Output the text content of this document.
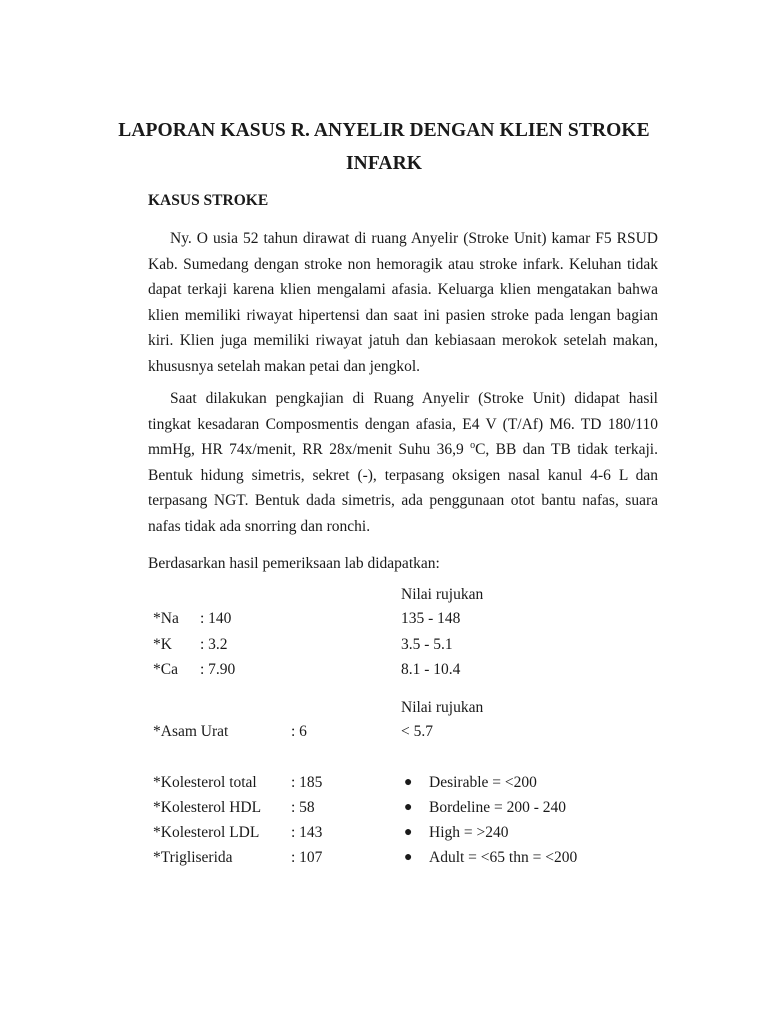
LAPORAN KASUS R. ANYELIR DENGAN KLIEN STROKE INFARK
KASUS STROKE
Ny. O usia 52 tahun dirawat di ruang Anyelir (Stroke Unit) kamar F5 RSUD Kab. Sumedang dengan stroke non hemoragik atau stroke infark. Keluhan tidak dapat terkaji karena klien mengalami afasia. Keluarga klien mengatakan bahwa klien memiliki riwayat hipertensi dan saat ini pasien stroke pada lengan bagian kiri. Klien juga memiliki riwayat jatuh dan kebiasaan merokok setelah makan, khususnya setelah makan petai dan jengkol.
Saat dilakukan pengkajian di Ruang Anyelir (Stroke Unit) didapat hasil tingkat kesadaran Composmentis dengan afasia, E4 V (T/Af) M6. TD 180/110 mmHg, HR 74x/menit, RR 28x/menit Suhu 36,9 $^o$C, BB dan TB tidak terkaji. Bentuk hidung simetris, sekret (-), terpasang oksigen nasal kanul 4-6 L dan terpasang NGT. Bentuk dada simetris, ada penggunaan otot bantu nafas, suara nafas tidak ada snorring dan ronchi.
Berdasarkan hasil pemeriksaan lab didapatkan:
Nilai rujukan
*Na : 140	135 - 148
*K : 3.2	3.5 - 5.1
*Ca : 7.90	8.1 - 10.4
Nilai rujukan
*Asam Urat	: 6	< 5.7
*Kolesterol total : 185	● Desirable = <200
*Kolesterol HDL : 58	● Bordeline = 200 - 240
*Kolesterol LDL : 143	● High = >240
*Trigliserida	: 107	● Adult = <65 thn = <200
